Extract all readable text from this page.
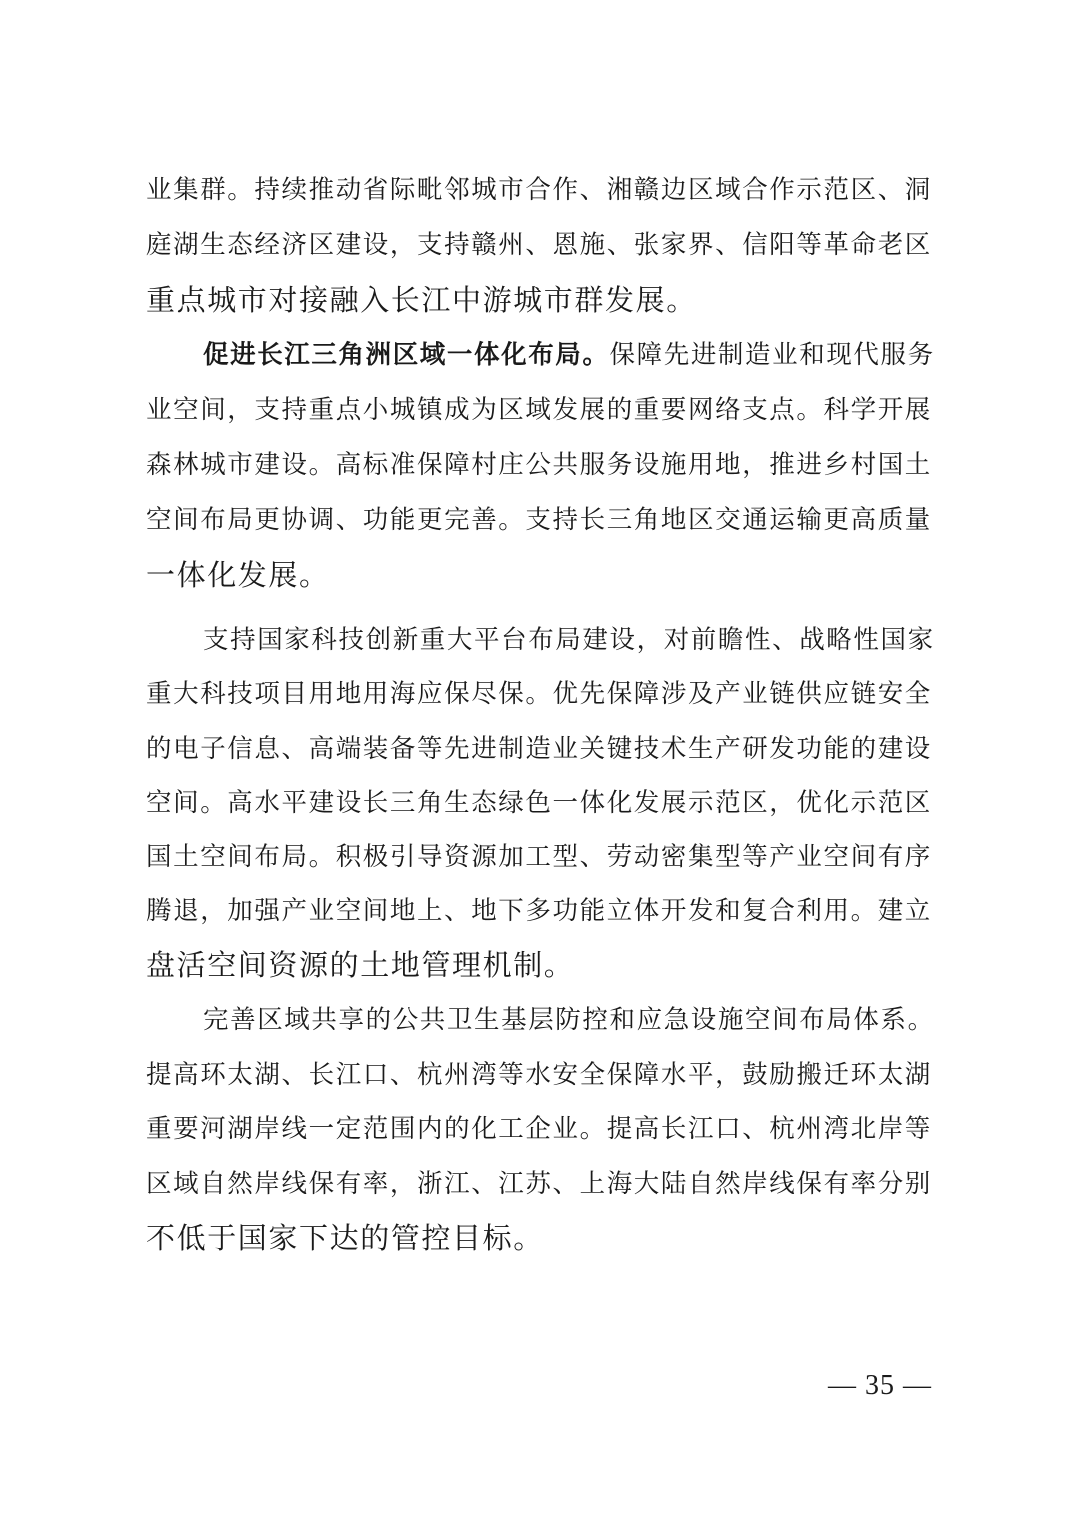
业集群。持续推动省际毗邻城市合作、湘赣边区域合作示范区、洞
庭湖生态经济区建设，支持赣州、恩施、张家界、信阳等革命老区
重点城市对接融入长江中游城市群发展。
促进长江三角洲区域一体化布局。保障先进制造业和现代服务
业空间，支持重点小城镇成为区域发展的重要网络支点。科学开展
森林城市建设。高标准保障村庄公共服务设施用地，推进乡村国土
空间布局更协调、功能更完善。支持长三角地区交通运输更高质量
一体化发展。
支持国家科技创新重大平台布局建设，对前瞻性、战略性国家
重大科技项目用地用海应保尽保。优先保障涉及产业链供应链安全
的电子信息、高端装备等先进制造业关键技术生产研发功能的建设
空间。高水平建设长三角生态绿色一体化发展示范区，优化示范区
国土空间布局。积极引导资源加工型、劳动密集型等产业空间有序
腾退，加强产业空间地上、地下多功能立体开发和复合利用。建立
盘活空间资源的土地管理机制。
完善区域共享的公共卫生基层防控和应急设施空间布局体系。
提高环太湖、长江口、杭州湾等水安全保障水平，鼓励搬迁环太湖
重要河湖岸线一定范围内的化工企业。提高长江口、杭州湾北岸等
区域自然岸线保有率，浙江、江苏、上海大陆自然岸线保有率分别
不低于国家下达的管控目标。
— 35 —
